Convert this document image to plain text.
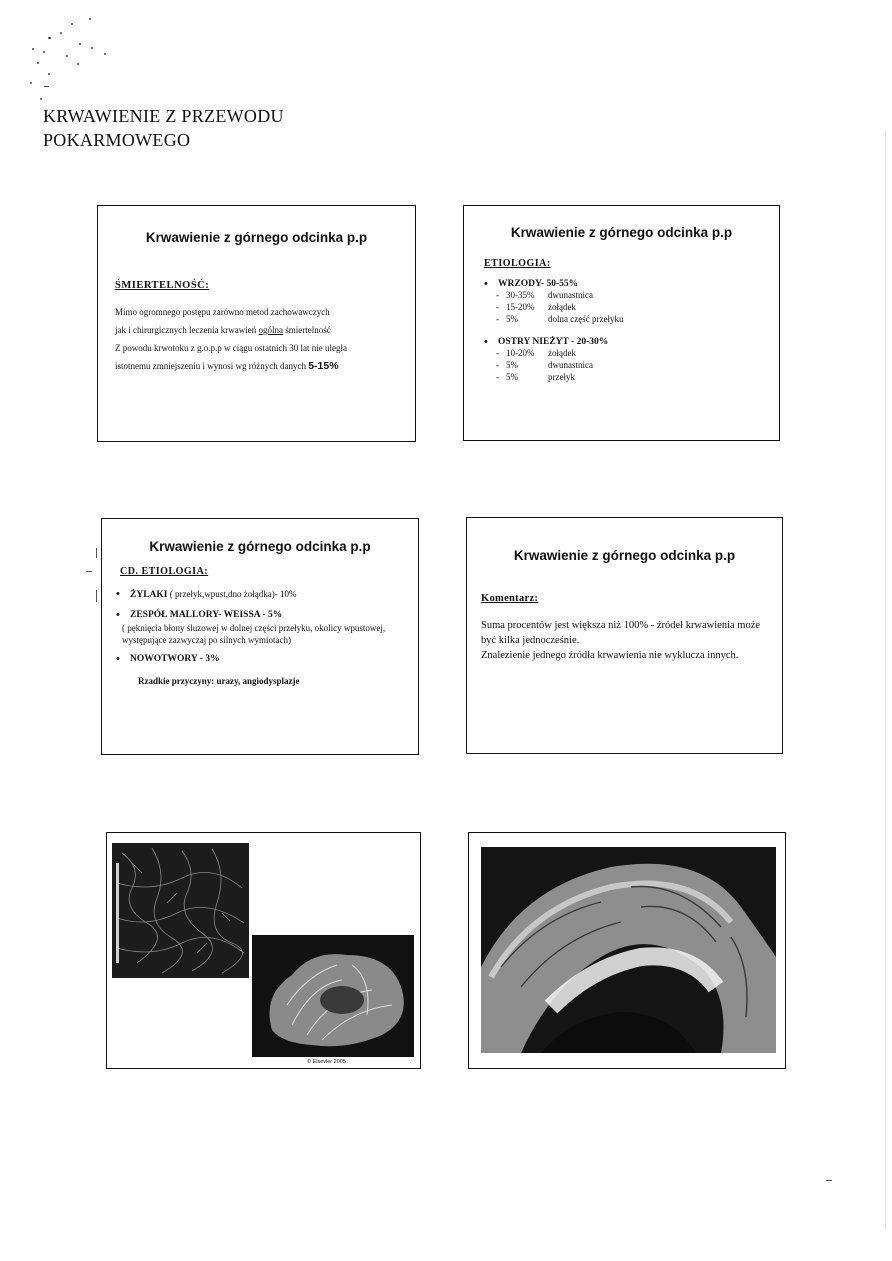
KRWAWIENIE Z PRZEWODU
POKARMOWEGO
Krwawienie z górnego odcinka p.p
ŚMIERTELNOŚĆ:
Mimo ogromnego postępu zarówno metod zachowawczych
jak i chirurgicznych leczenia krwawień ogólna śmiertelność
Z powodu krwotoku z g.o.p.p w ciągu ostatnich 30 lat nie uległa
istotnemu zmniejszeniu i wynosi wg różnych danych 5-15%
Krwawienie z górnego odcinka p.p
ETIOLOGIA:
• WRZODY- 50-55%
- 30-35% dwunastnica
- 15-20% żołądek
- 5%	dolna część przełyku
• OSTRY NIEŻYT - 20-30%
- 10-20% żołądek
- 5%	dwunastnica
- 5%	przełyk
Krwawienie z górnego odcinka p.p
CD. ETIOLOGIA:
• ŻYLAKI ( przełyk,wpust,dno żołądka)- 10%
• ZESPÓŁ MALLORY- WEISSA - 5%
( pęknięcia błony śluzowej w dolnej części przełyku, okolicy wpustowej, występujące zazwyczaj po silnych wymiotach)
• NOWOTWORY - 3%
Rzadkie przyczyny: urazy, angiodysplazje
Krwawienie z górnego odcinka p.p
Komentarz:
Suma procentów jest większa niż 100% - źródeł krwawienia może być kilka jednocześnie.
Znalezienie jednego źródła krwawienia nie wyklucza innych.
© Elsevier 2005
